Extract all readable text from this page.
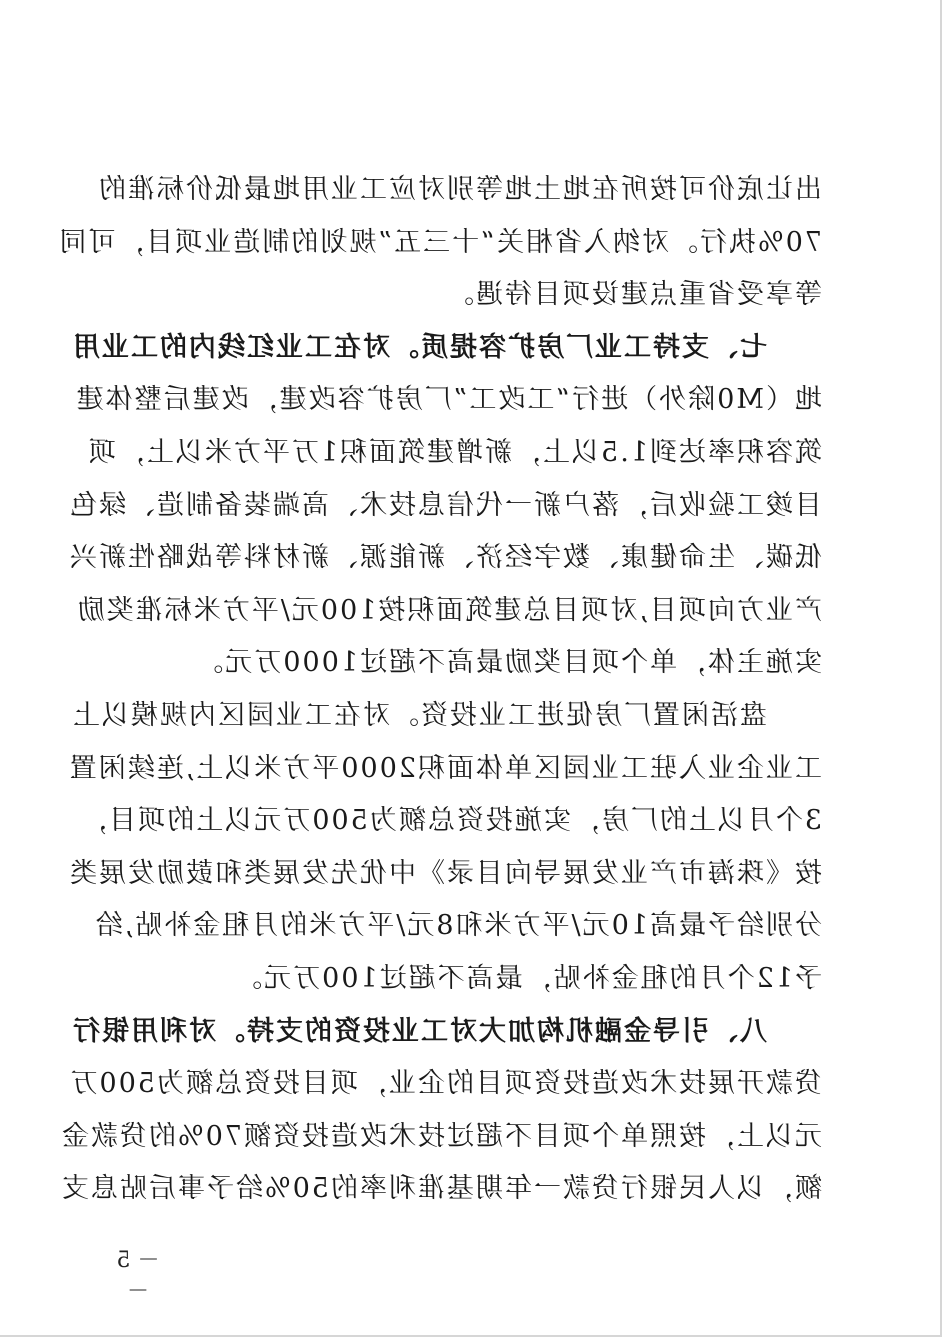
出让底价可按所在地土地等别对应工业用地最低价标准的
70%执行。对纳入省相关“十三五”规划的制造业项目，可同
等享受省重点建设项目待遇。
七、支持工业厂房扩容提质。对在工业红线内的工业用
地（M0除外）进行“工改工”厂房扩容改建，改建后整体建
筑容积率达到1.5以上，新增建筑面积1万平方米以上，项
目竣工验收后，落户新一代信息技术、高端装备制造、绿色
低碳、生命健康、数字经济、新能源、新材料等战略性新兴
产业方向项目,对项目总建筑面积按100元/平方米标准奖励
实施主体，单个项目奖励最高不超过1000万元。
盘活闲置厂房促进工业投资。对在工业园区内规模以上
工业企业入驻工业园区单体面积2000平方米以上,连续闲置
3个月以上的厂房，实施投资总额为500万元以上的项目，
按《珠海市产业发展导向目录》中优先发展类和鼓励发展类
分别给予最高10元/平方米和8元/平方米的月租金补贴,给
予12个月的租金补贴，最高不超过100万元。
八、引导金融机构加大对工业投资的支持。对利用银行
贷款开展技术改造投资项目的企业，项目投资总额为500万
元以上，按照单个项目不超过技术改造投资额70%的贷款金
额，以人民银行贷款一年期基准利率的50%给予事后贴息支
－ 5 －
